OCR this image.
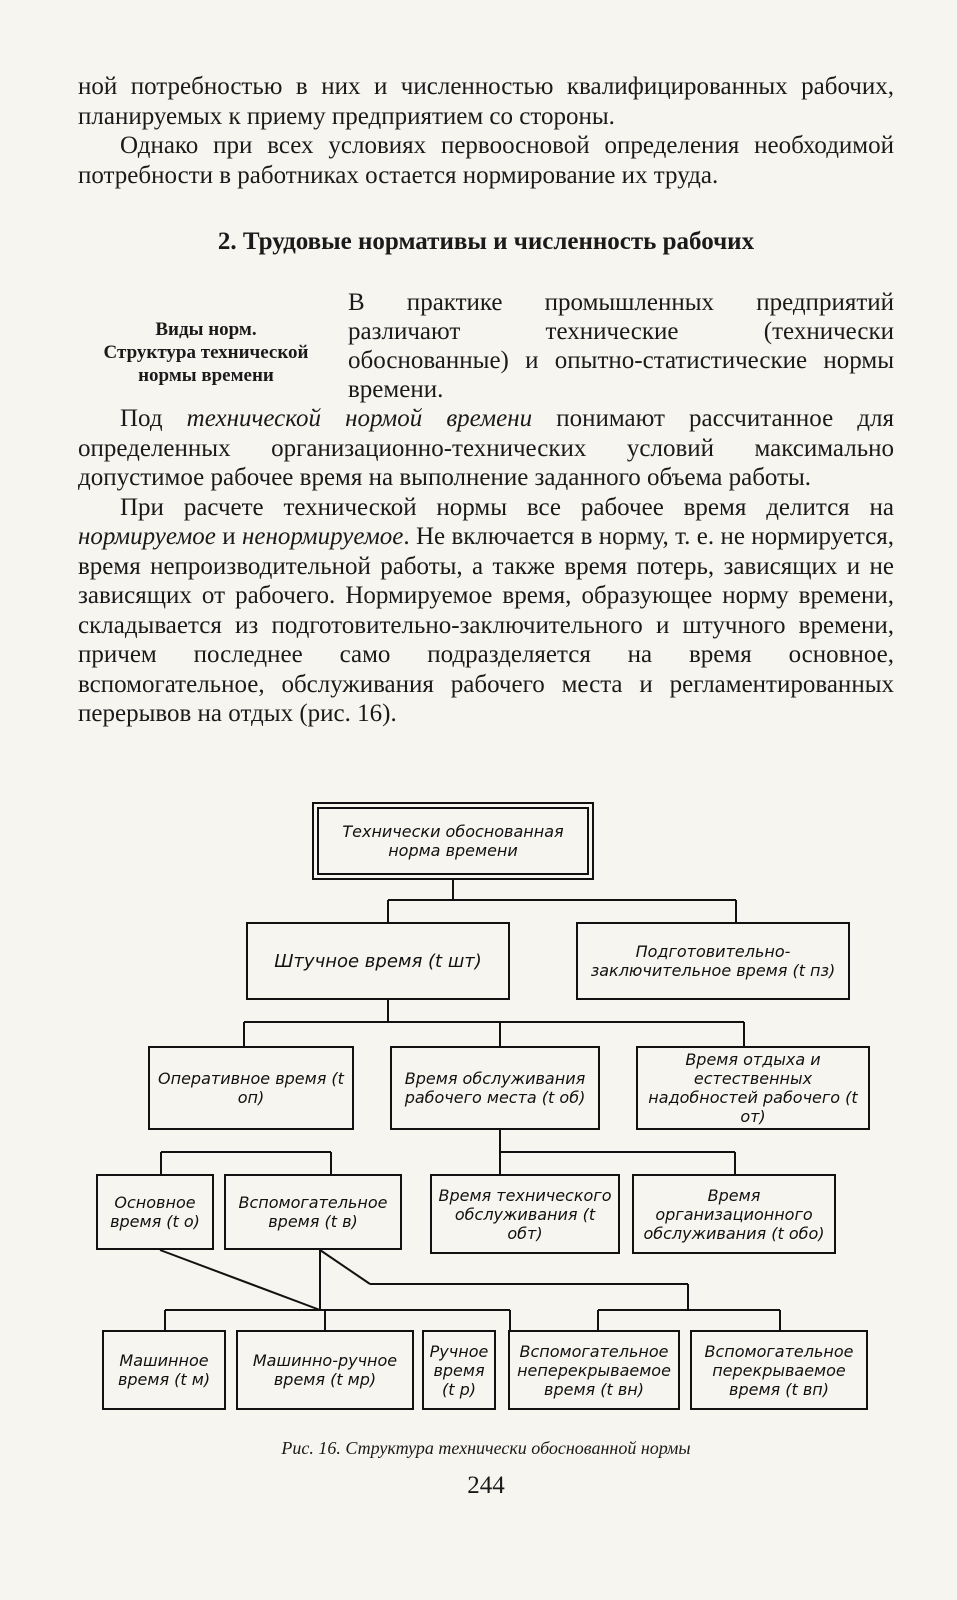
ной потребностью в них и численностью квалифицированных рабочих, планируемых к приему предприятием со стороны.

Однако при всех условиях первоосновой определения необходимой потребности в работниках остается нормирование их труда.

2. Трудовые нормативы и численность рабочих
Виды норм.
Структура технической
нормы времени
В практике промышленных предприятий различают технические (технически обоснованные) и опытно-статистические нормы времени.

Под технической нормой времени понимают рассчитанное для определенных организационно-технических условий максимально допустимое рабочее время на выполнение заданного объема работы.

При расчете технической нормы все рабочее время делится на нормируемое и ненормируемое. Не включается в норму, т. е. не нормируется, время непроизводительной работы, а также время потерь, зависящих и не зависящих от рабочего. Нормируемое время, образующее норму времени, складывается из подготовительно-заключительного и штучного времени, причем последнее само подразделяется на время основное, вспомогательное, обслуживания рабочего места и регламентированных перерывов на отдых (рис. 16).

Технически обоснованная норма времени
Штучное время (t шт)	Подготовительно-заключительное время (t пз)
Оперативное время (t оп)
Время обслуживания рабочего места (t об)
Время отдыха и естественных надобностей рабочего (t от)
Основное время (t о)
Вспомогательное время (t в)
Время технического обслуживания (t обт)
Время организационного обслуживания (t обо)
Машинное время (t м)
Машинно-ручное время (t мр)
Ручное время (t р)
Вспомогательное неперекрываемое время (t вн)
Вспомогательное перекрываемое время (t вп)
Рис. 16. Структура технически обоснованной нормы
244
